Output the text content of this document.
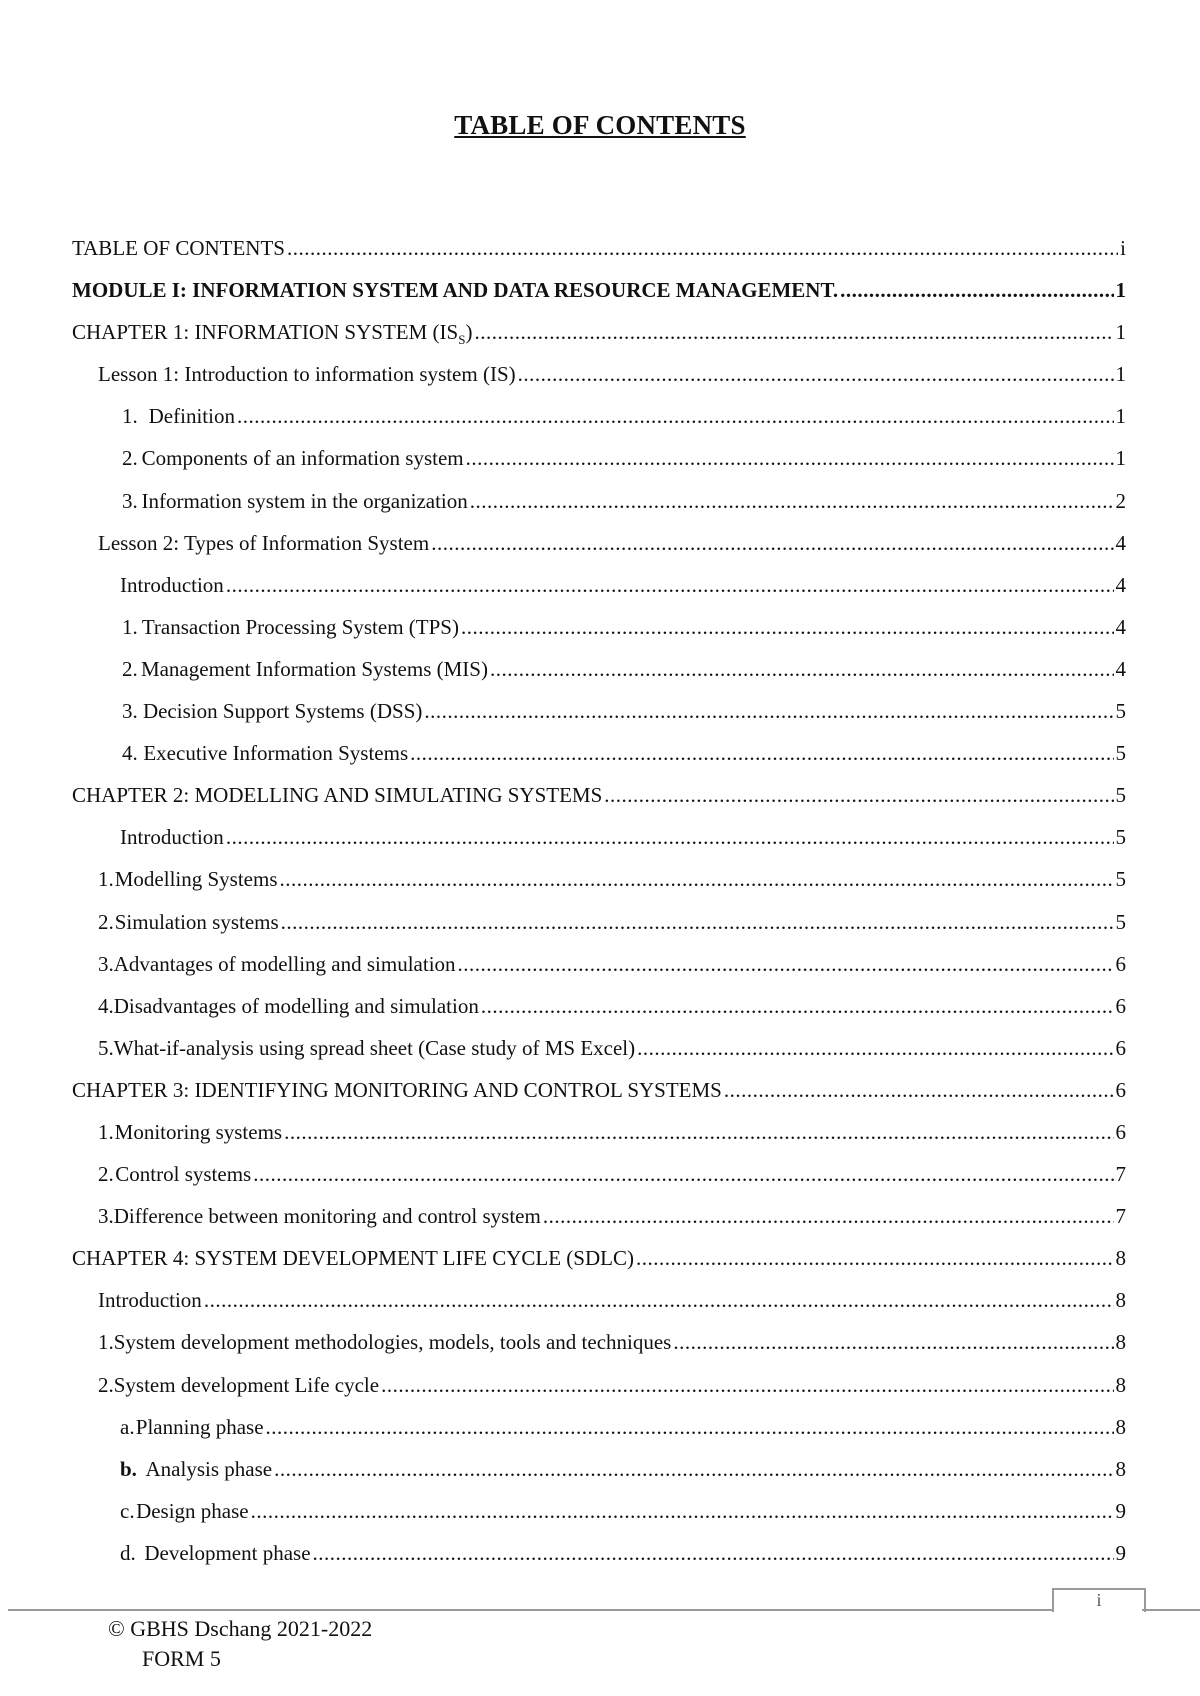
TABLE OF CONTENTS
TABLE OF CONTENTS .....	i
MODULE I: INFORMATION SYSTEM AND DATA RESOURCE MANAGEMENT. .....	1
CHAPTER 1: INFORMATION SYSTEM $(IS_S)$ .....	1
Lesson 1: Introduction to information system (IS) .....	1
1. Definition .....	1
2. Components of an information system .....	1
3. Information system in the organization .....	2
Lesson 2: Types of Information System .....	4
Introduction .....	4
1. Transaction Processing System (TPS) .....	4
2. Management Information Systems (MIS) .....	4
3. Decision Support Systems (DSS) .....	5
4. Executive Information Systems .....	5
CHAPTER 2: MODELLING AND SIMULATING SYSTEMS .....	5
Introduction .....	5
1. Modelling Systems .....	5
2. Simulation systems .....	5
3. Advantages of modelling and simulation .....	6
4. Disadvantages of modelling and simulation .....	6
5. What-if-analysis using spread sheet (Case study of MS Excel) .....	6
CHAPTER 3: IDENTIFYING MONITORING AND CONTROL SYSTEMS .....	6
1. Monitoring systems .....	6
2. Control systems .....	7
3. Difference between monitoring and control system .....	7
CHAPTER 4: SYSTEM DEVELOPMENT LIFE CYCLE (SDLC) .....	8
Introduction .....	8
1. System development methodologies, models, tools and techniques .....	8
2. System development Life cycle .....	8
a. Planning phase .....	8
b. Analysis phase .....	8
c. Design phase .....	9
d. Development phase .....	9
i
© GBHS Dschang 2021-2022
FORM 5
